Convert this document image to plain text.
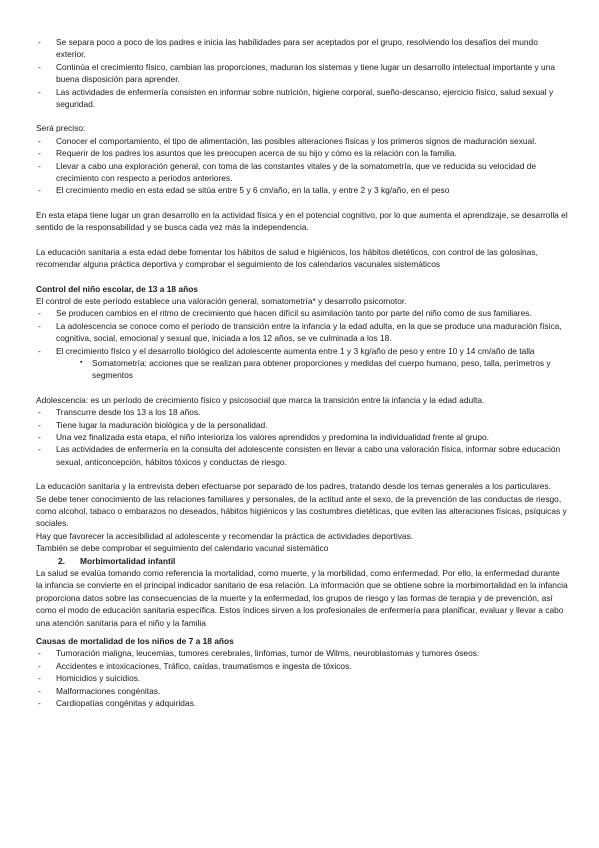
- Se separa poco a poco de los padres e inicia las habilidades para ser aceptados por el grupo, resolviendo los desafíos del mundo exterior.

- Continúa el crecimiento físico, cambian las proporciones, maduran los sistemas y tiene lugar un desarrollo intelectual importante y una buena disposición para aprender.

- Las actividades de enfermería consisten en informar sobre nutrición, higiene corporal, sueño-descanso, ejercicio físico, salud sexual y seguridad.

Será preciso:

- Conocer el comportamiento, el tipo de alimentación, las posibles alteraciones físicas y los primeros signos de maduración sexual.

- Requerir de los padres los asuntos que les preocupen acerca de su hijo y cómo es la relación con la familia.

- Llevar a cabo una exploración general, con toma de las constantes vitales y de la somatometría, que ve reducida su velocidad de crecimiento con respecto a periodos anteriores.

- El crecimiento medio en esta edad se sitúa entre 5 y 6 cm/año, en la talla, y entre 2 y 3 kg/año, en el peso

En esta etapa tiene lugar un gran desarrollo en la actividad física y en el potencial cognitivo, por lo que aumenta el aprendizaje, se desarrolla el sentido de la responsabilidad y se busca cada vez más la independencia.

La educación sanitaria a esta edad debe fomentar los hábitos de salud e higiénicos, los hábitos dietéticos, con control de las golosinas, recomendar alguna práctica deportiva y comprobar el seguimiento de los calendarios vacunales sistemáticos

Control del niño escolar, de 13 a 18 años

El control de este período establece una valoración general, somatometría* y desarrollo psicomotor.

- Se producen cambios en el ritmo de crecimiento que hacen difícil su asimilación tanto por parte del niño como de sus familiares.

- La adolescencia se conoce como el período de transición entre la infancia y la edad adulta, en la que se produce una maduración física, cognitiva, social, emocional y sexual que, iniciada a los 12 años, se ve culminada a los 18.

- El crecimiento físico y el desarrollo biológico del adolescente aumenta entre 1 y 3 kg/año de peso y entre 10 y 14 cm/año de talla

▪ Somatometría: acciones que se realizan para obtener proporciones y medidas del cuerpo humano, peso, talla, perímetros y segmentos

Adolescencia: es un período de crecimiento físico y psicosocial que marca la transición entre la infancia y la edad adulta.

- Transcurre desde los 13 a los 18 años.

- Tiene lugar la maduración biológica y de la personalidad.

- Una vez finalizada esta etapa, el niño interioriza los valores aprendidos y predomina la individualidad frente al grupo.

- Las actividades de enfermería en la consulta del adolescente consisten en llevar a cabo una valoración física, informar sobre educación sexual, anticoncepción, hábitos tóxicos y conductas de riesgo.

La educación sanitaria y la entrevista deben efectuarse por separado de los padres, tratando desde los temas generales a los particulares.

Se debe tener conocimiento de las relaciones familiares y personales, de la actitud ante el sexo, de la prevención de las conductas de riesgo, como alcohol, tabaco o embarazos no deseados, hábitos higiénicos y las costumbres dietéticas, que eviten las alteraciones físicas, psíquicas y sociales.

Hay que favorecer la accesibilidad al adolescente y recomendar la práctica de actividades deportivas.

También se debe comprobar el seguimiento del calendario vacunal sistemático

2. Morbimortalidad infantil

La salud se evalúa tomando como referencia la mortalidad, como muerte, y la morbilidad, como enfermedad. Por ello, la enfermedad durante la infancia se convierte en el principal indicador sanitario de esa relación. La información que se obtiene sobre la morbimortalidad en la infancia proporciona datos sobre las consecuencias de la muerte y la enfermedad, los grupos de riesgo y las formas de terapia y de prevención, así como el modo de educación sanitaria específica. Estos índices sirven a los profesionales de enfermería para planificar, evaluar y llevar a cabo una atención sanitaria para el niño y la familia

Causas de mortalidad de los niños de 7 a 18 años

- Tumoración maligna, leucemias, tumores cerebrales, linfomas, tumor de Wilms, neuroblastomas y tumores óseos.

- Accidentes e intoxicaciones, Tráfico, caídas, traumatismos e ingesta de tóxicos.

- Homicidios y suicidios.

- Malformaciones congénitas.

- Cardiopatías congénitas y adquiridas.
